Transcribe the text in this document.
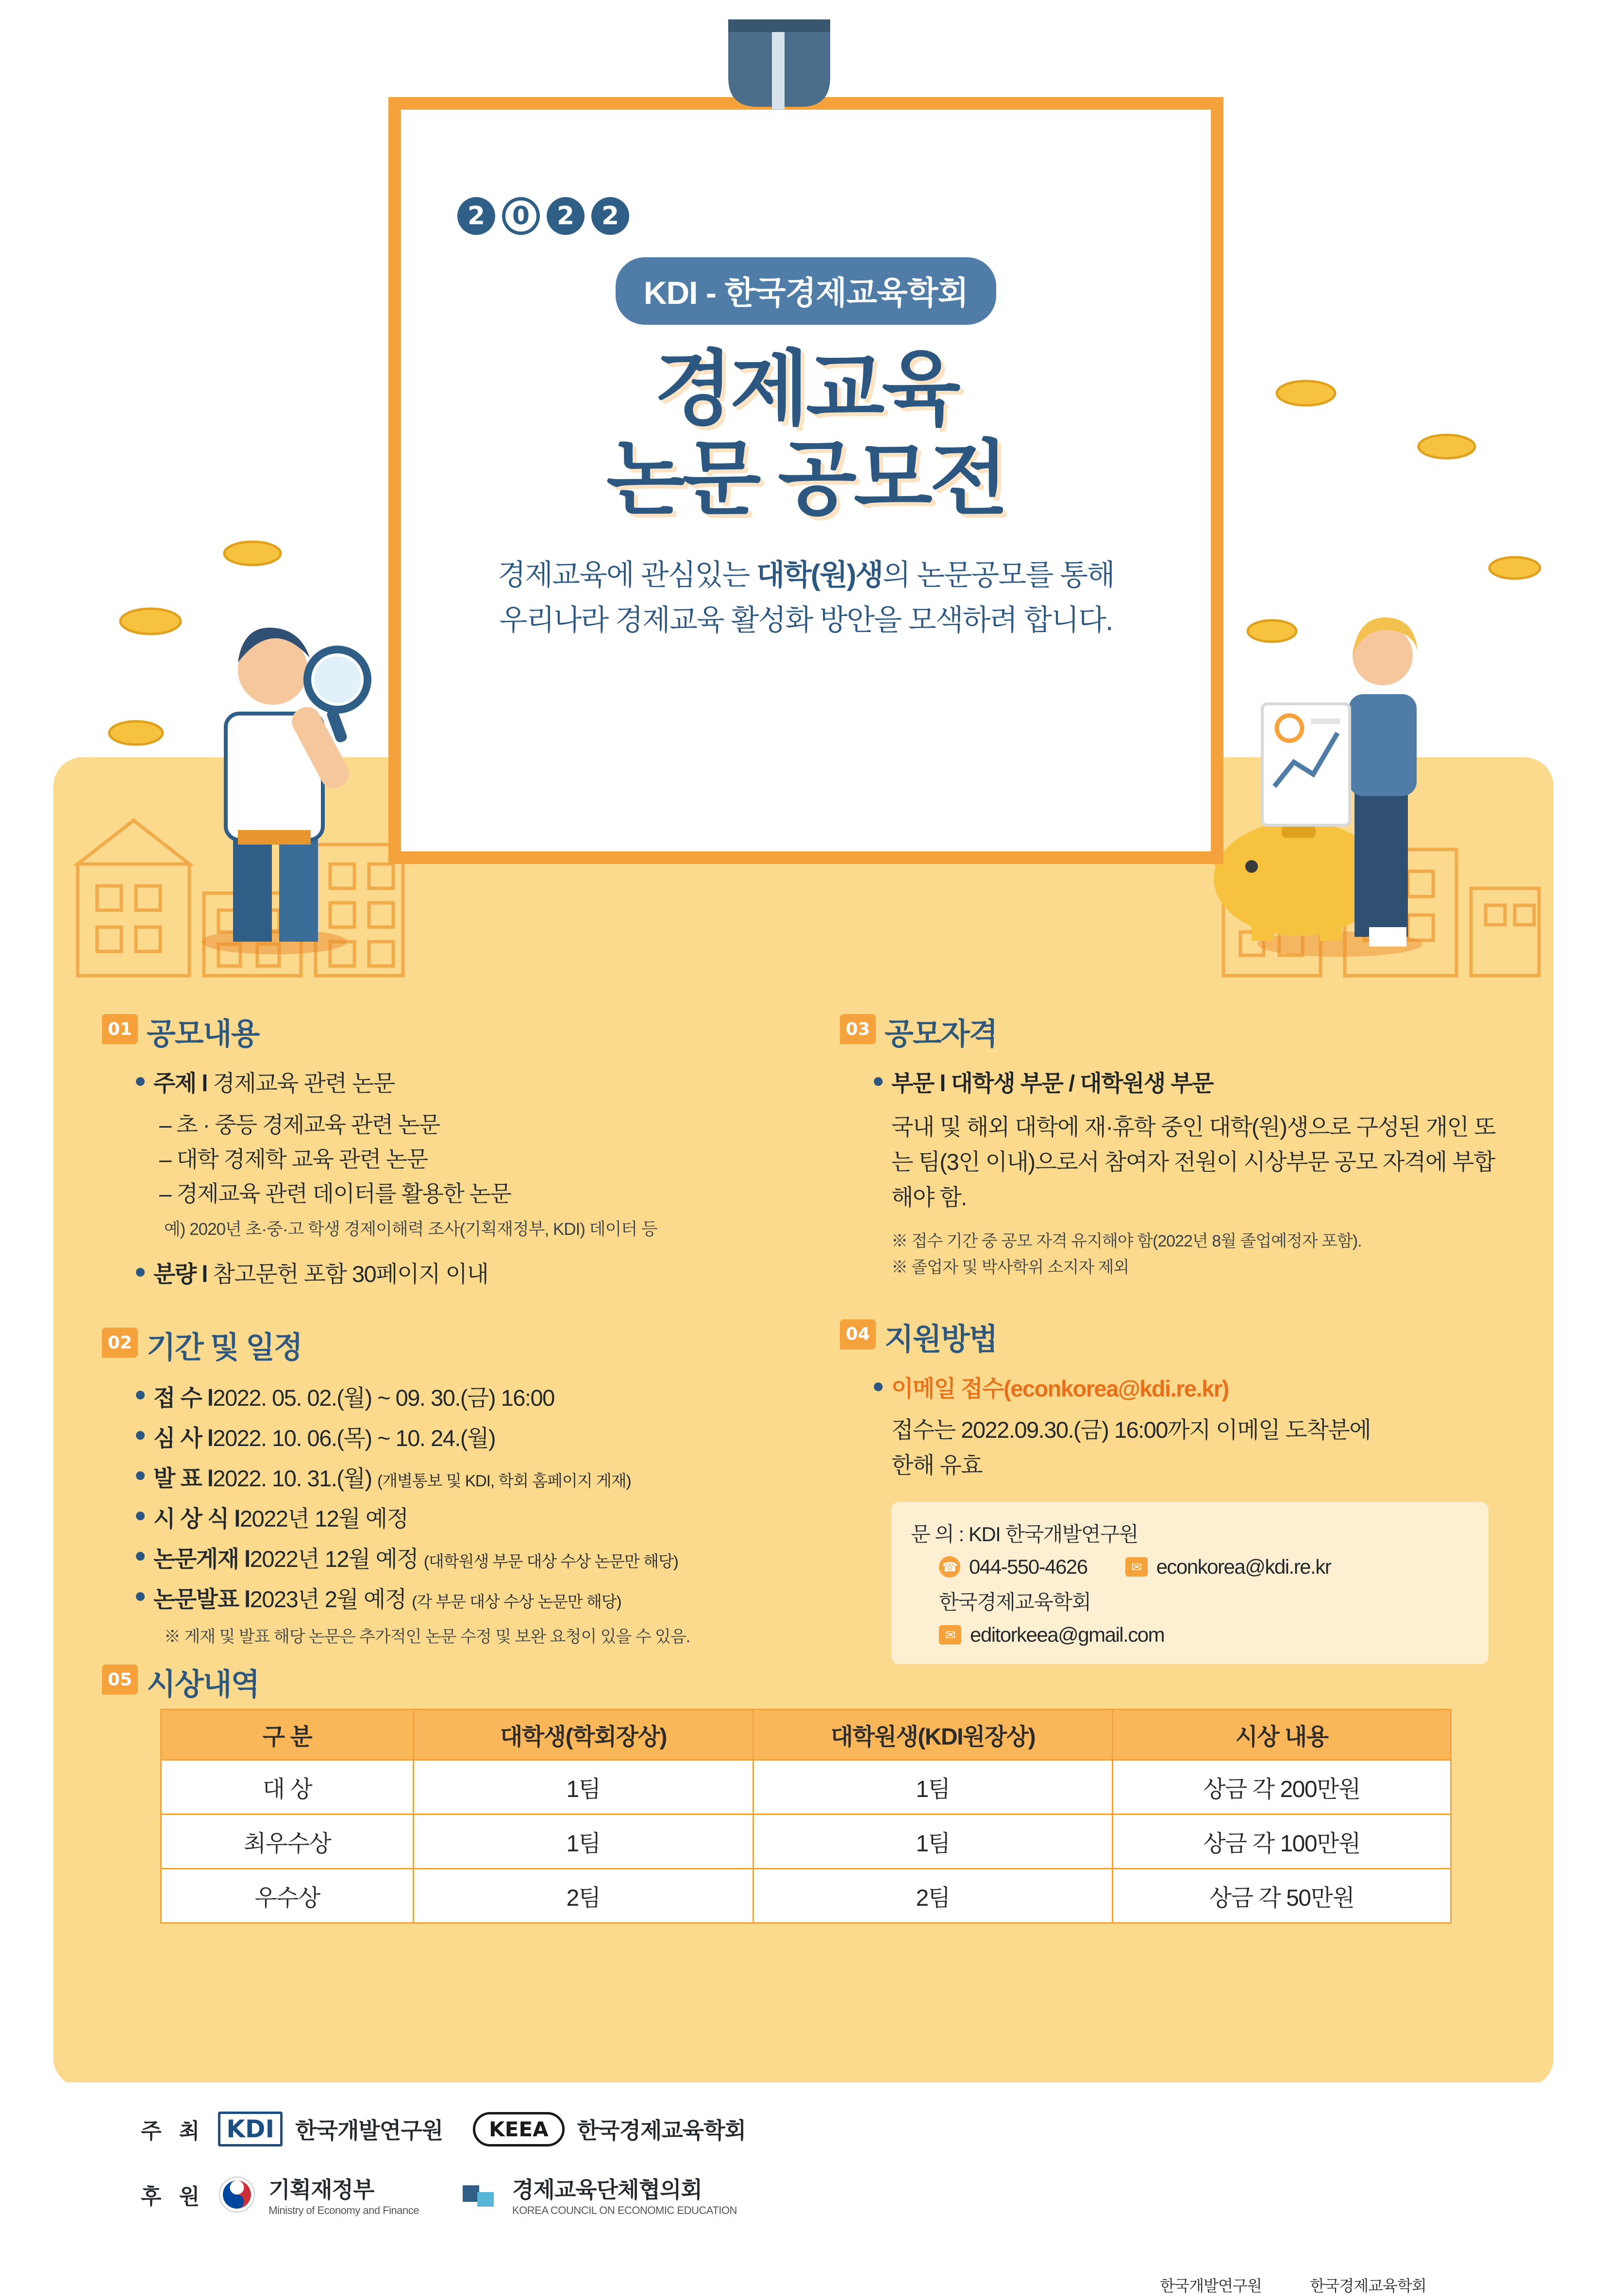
2	0	2	2
KDI - 한국경제교육학회
경제교육
논문 공모전
경제교육에 관심있는 대학(원)생의 논문공모를 통해
우리나라 경제교육 활성화 방안을 모색하려 합니다.
01 공모내용
주제 l 경제교육 관련 논문
– 초 · 중등 경제교육 관련 논문
– 대학 경제학 교육 관련 논문
– 경제교육 관련 데이터를 활용한 논문
예) 2020년 초·중·고 학생 경제이해력 조사(기획재정부, KDI) 데이터 등
분량 l 참고문헌 포함 30페이지 이내
02 기간 및 일정
접 수 l2022. 05. 02.(월) ~ 09. 30.(금) 16:00
심 사 l2022. 10. 06.(목) ~ 10. 24.(월)
발 표 l2022. 10. 31.(월) (개별통보 및 KDI, 학회 홈페이지 게재)
시 상 식 l2022년 12월 예정
논문게재 l2022년 12월 예정 (대학원생 부문 대상 수상 논문만 해당)
논문발표 l2023년 2월 예정 (각 부문 대상 수상 논문만 해당)
※ 게재 및 발표 해당 논문은 추가적인 논문 수정 및 보완 요청이 있을 수 있음.
03 공모자격
부문 l 대학생 부문 / 대학원생 부문
국내 및 해외 대학에 재·휴학 중인 대학(원)생으로 구성된 개인 또는 팀(3인 이내)으로서 참여자 전원이 시상부문 공모 자격에 부합해야 함.
※ 접수 기간 중 공모 자격 유지해야 함(2022년 8월 졸업예정자 포함).
※ 졸업자 및 박사학위 소지자 제외
04 지원방법
이메일 접수(econkorea@kdi.re.kr)
접수는 2022.09.30.(금) 16:00까지 이메일 도착분에
한해 유효
문 의 : KDI 한국개발연구원
☎ 044-550-4626	✉ econkorea@kdi.re.kr
한국경제교육학회
✉ editorkeea@gmail.com
05 시상내역
구 분	대학생(학회장상)	대학원생(KDI원장상)	시상 내용
대 상	1팀	1팀	상금 각 200만원
최우수상	1팀	1팀	상금 각 100만원
우수상	2팀	2팀	상금 각 50만원
주 최 KDI 한국개발연구원	KEEA	한국경제교육학회
후 원	기획재정부
Ministry of Economy and Finance
경제교육단체협의회
KOREA COUNCIL ON ECONOMIC EDUCATION
한국개발연구원	한국경제교육학회
